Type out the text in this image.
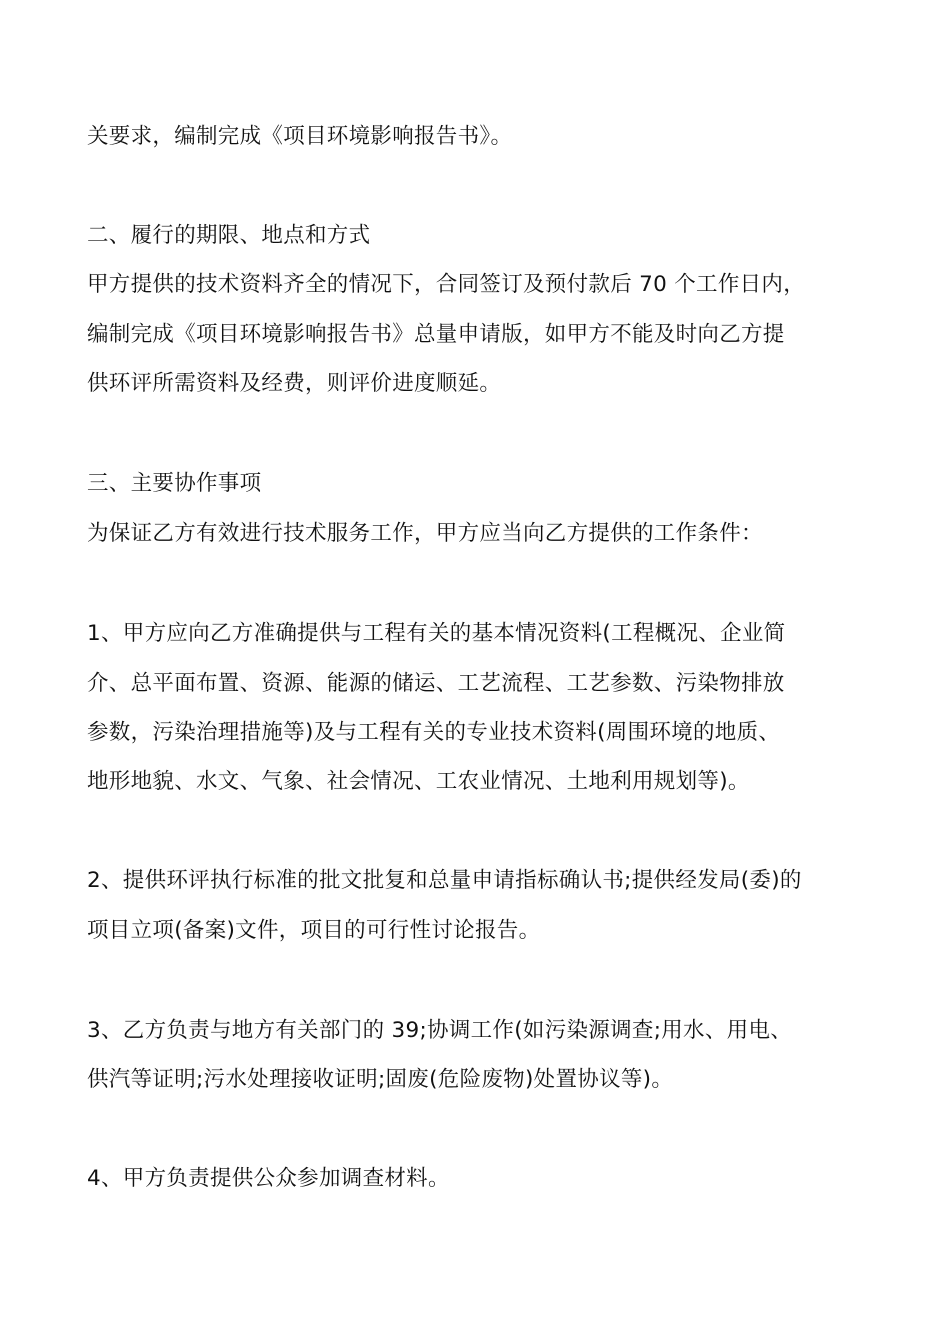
关要求，编制完成《项目环境影响报告书》。
二、履行的期限、地点和方式
甲方提供的技术资料齐全的情况下，合同签订及预付款后 70 个工作日内，
编制完成《项目环境影响报告书》总量申请版，如甲方不能及时向乙方提
供环评所需资料及经费，则评价进度顺延。
三、主要协作事项
为保证乙方有效进行技术服务工作，甲方应当向乙方提供的工作条件：
1、甲方应向乙方准确提供与工程有关的基本情况资料(工程概况、企业简
介、总平面布置、资源、能源的储运、工艺流程、工艺参数、污染物排放
参数，污染治理措施等)及与工程有关的专业技术资料(周围环境的地质、
地形地貌、水文、气象、社会情况、工农业情况、土地利用规划等)。
2、提供环评执行标准的批文批复和总量申请指标确认书;提供经发局(委)的
项目立项(备案)文件，项目的可行性讨论报告。
3、乙方负责与地方有关部门的 39;协调工作(如污染源调查;用水、用电、
供汽等证明;污水处理接收证明;固废(危险废物)处置协议等)。
4、甲方负责提供公众参加调查材料。
